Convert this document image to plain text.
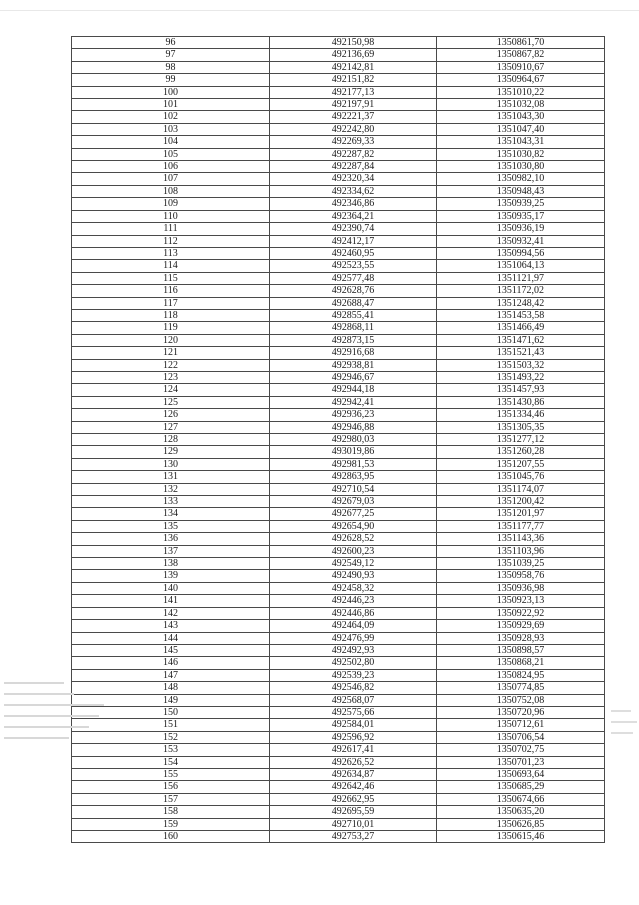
96	492150,98	1350861,70
97	492136,69	1350867,82
98	492142,81	1350910,67
99	492151,82	1350964,67
100	492177,13	1351010,22
101	492197,91	1351032,08
102	492221,37	1351043,30
103	492242,80	1351047,40
104	492269,33	1351043,31
105	492287,82	1351030,82
106	492287,84	1351030,80
107	492320,34	1350982,10
108	492334,62	1350948,43
109	492346,86	1350939,25
110	492364,21	1350935,17
111	492390,74	1350936,19
112	492412,17	1350932,41
113	492460,95	1350994,56
114	492523,55	1351064,13
115	492577,48	1351121,97
116	492628,76	1351172,02
117	492688,47	1351248,42
118	492855,41	1351453,58
119	492868,11	1351466,49
120	492873,15	1351471,62
121	492916,68	1351521,43
122	492938,81	1351503,32
123	492946,67	1351493,22
124	492944,18	1351457,93
125	492942,41	1351430,86
126	492936,23	1351334,46
127	492946,88	1351305,35
128	492980,03	1351277,12
129	493019,86	1351260,28
130	492981,53	1351207,55
131	492863,95	1351045,76
132	492710,54	1351174,07
133	492679,03	1351200,42
134	492677,25	1351201,97
135	492654,90	1351177,77
136	492628,52	1351143,36
137	492600,23	1351103,96
138	492549,12	1351039,25
139	492490,93	1350958,76
140	492458,32	1350936,98
141	492446,23	1350923,13
142	492446,86	1350922,92
143	492464,09	1350929,69
144	492476,99	1350928,93
145	492492,93	1350898,57
146	492502,80	1350868,21
147	492539,23	1350824,95
148	492546,82	1350774,85
149	492568,07	1350752,08
150	492575,66	1350720,96
151	492584,01	1350712,61
152	492596,92	1350706,54
153	492617,41	1350702,75
154	492626,52	1350701,23
155	492634,87	1350693,64
156	492642,46	1350685,29
157	492662,95	1350674,66
158	492695,59	1350635,20
159	492710,01	1350626,85
160	492753,27	1350615,46
